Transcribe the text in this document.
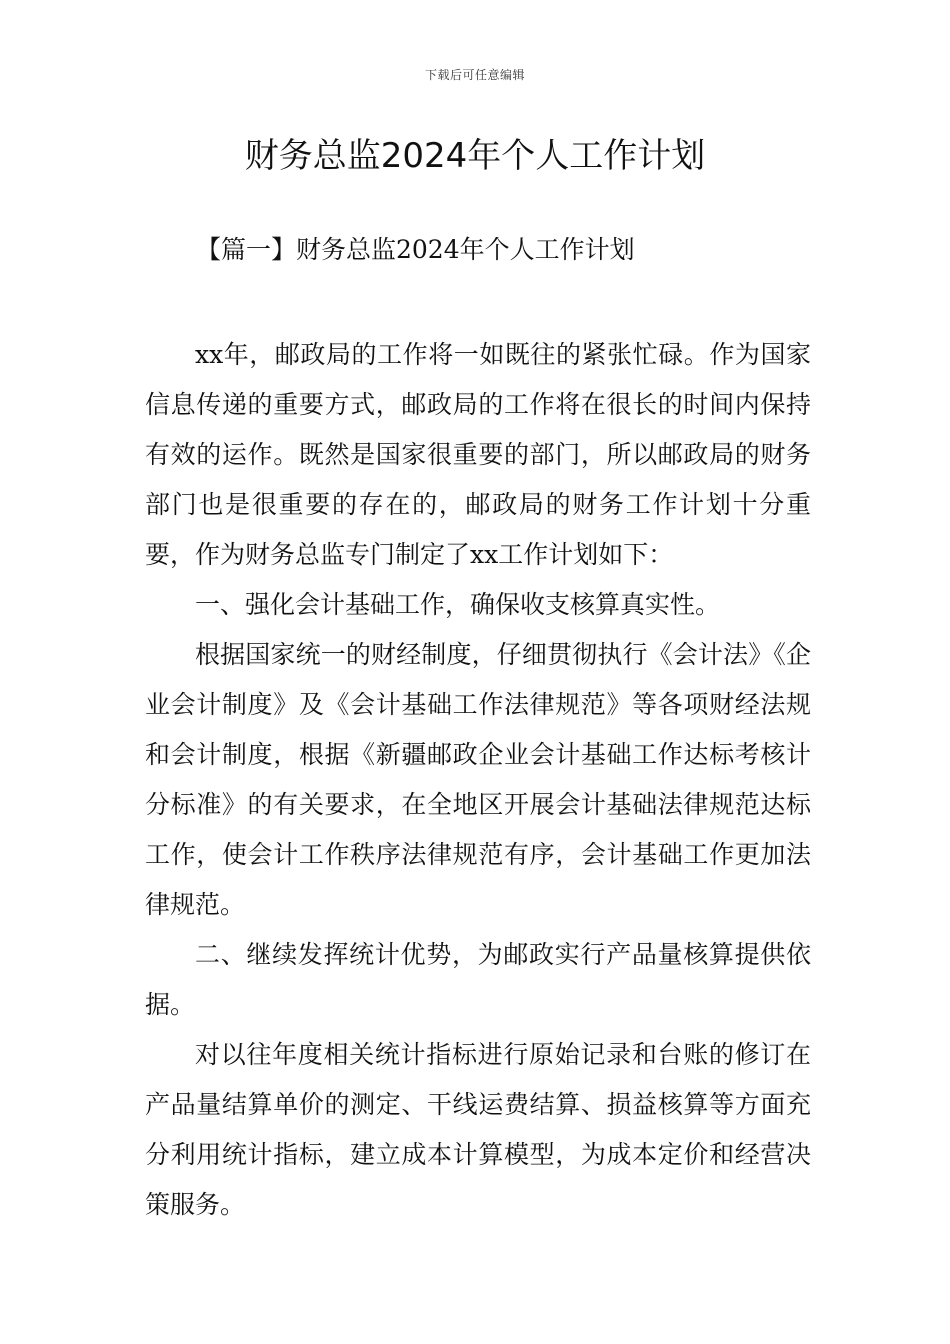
下载后可任意编辑
财务总监2024年个人工作计划
【篇一】财务总监2024年个人工作计划

xx年，邮政局的工作将一如既往的紧张忙碌。作为国家信息传递的重要方式，邮政局的工作将在很长的时间内保持有效的运作。既然是国家很重要的部门，所以邮政局的财务部门也是很重要的存在的，邮政局的财务工作计划十分重要，作为财务总监专门制定了xx工作计划如下：

一、强化会计基础工作，确保收支核算真实性。

根据国家统一的财经制度，仔细贯彻执行《会计法》《企业会计制度》及《会计基础工作法律规范》等各项财经法规和会计制度，根据《新疆邮政企业会计基础工作达标考核计分标准》的有关要求，在全地区开展会计基础法律规范达标工作，使会计工作秩序法律规范有序，会计基础工作更加法律规范。

二、继续发挥统计优势，为邮政实行产品量核算提供依据。

对以往年度相关统计指标进行原始记录和台账的修订在产品量结算单价的测定、干线运费结算、损益核算等方面充分利用统计指标，建立成本计算模型，为成本定价和经营决策服务。
